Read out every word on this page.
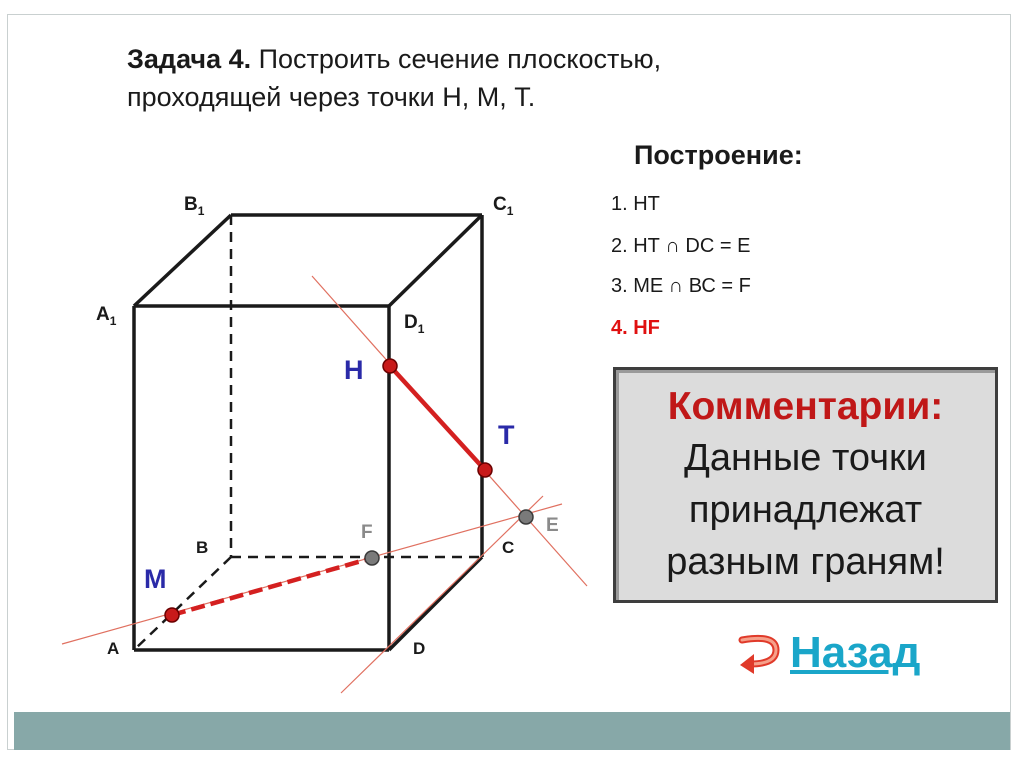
Задача 4. Построить сечение плоскостью,
проходящей через точки Н, М, Т.
Построение:
1. НТ
2. НТ ∩ DC = E
3. МЕ ∩ ВС = F
4. НF
Комментарии:
Данные точки
принадлежат
разным граням!
Назад
$B_1$	$C_1$
$A_1$	$D_1$
B	C
A	D
H
T
M
E
F
